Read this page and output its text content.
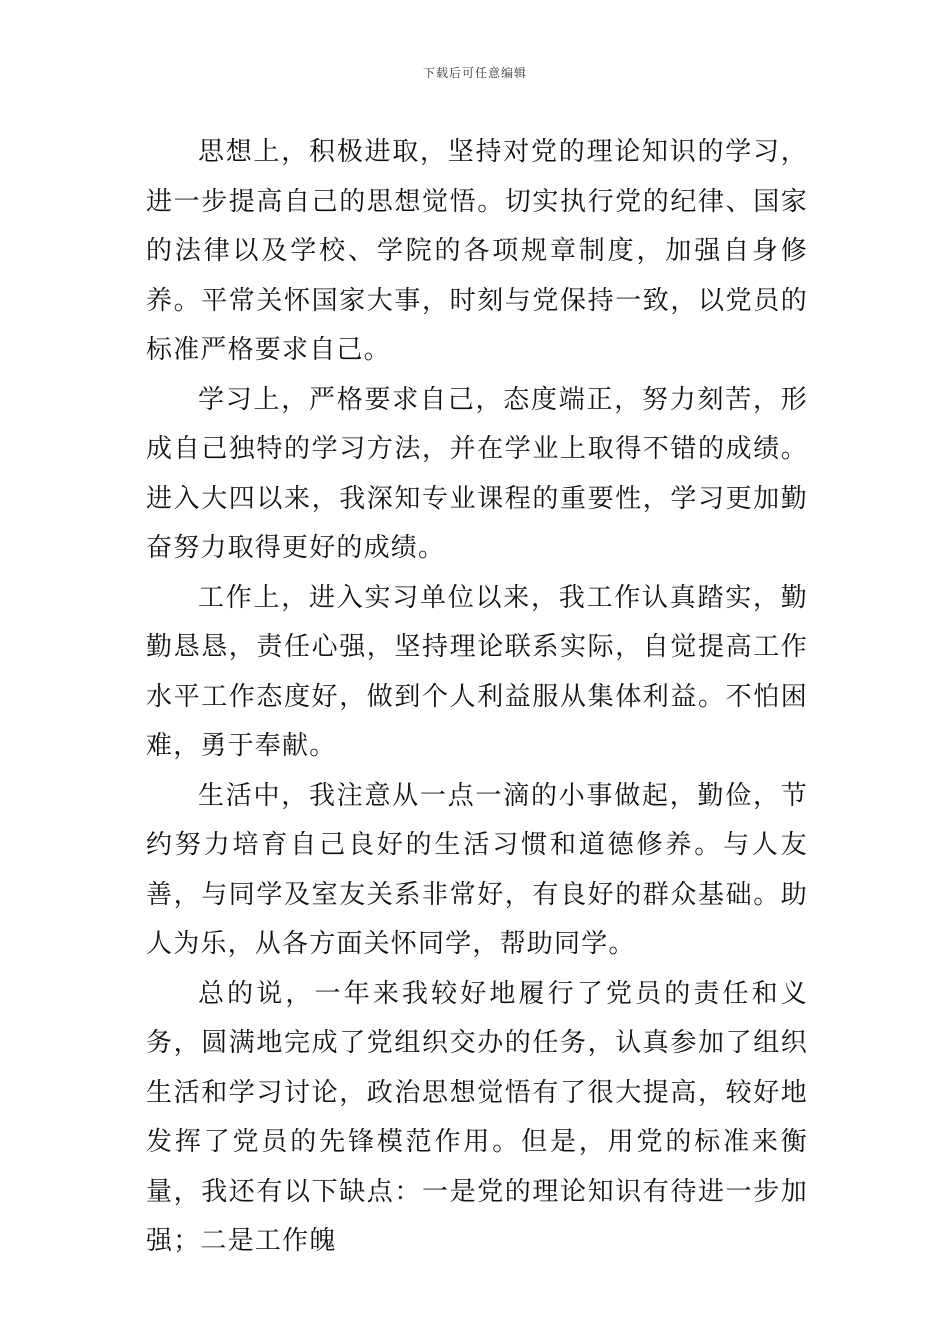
下载后可任意编辑

思想上，积极进取，坚持对党的理论知识的学习，进一步提高自己的思想觉悟。切实执行党的纪律、国家的法律以及学校、学院的各项规章制度，加强自身修养。平常关怀国家大事，时刻与党保持一致，以党员的标准严格要求自己。

学习上，严格要求自己，态度端正，努力刻苦，形成自己独特的学习方法，并在学业上取得不错的成绩。进入大四以来，我深知专业课程的重要性，学习更加勤奋努力取得更好的成绩。

工作上，进入实习单位以来，我工作认真踏实，勤勤恳恳，责任心强，坚持理论联系实际，自觉提高工作水平工作态度好，做到个人利益服从集体利益。不怕困难，勇于奉献。

生活中，我注意从一点一滴的小事做起，勤俭，节约努力培育自己良好的生活习惯和道德修养。与人友善，与同学及室友关系非常好，有良好的群众基础。助人为乐，从各方面关怀同学，帮助同学。

总的说，一年来我较好地履行了党员的责任和义务，圆满地完成了党组织交办的任务，认真参加了组织生活和学习讨论，政治思想觉悟有了很大提高，较好地发挥了党员的先锋模范作用。但是，用党的标准来衡量，我还有以下缺点：一是党的理论知识有待进一步加强；二是工作魄
